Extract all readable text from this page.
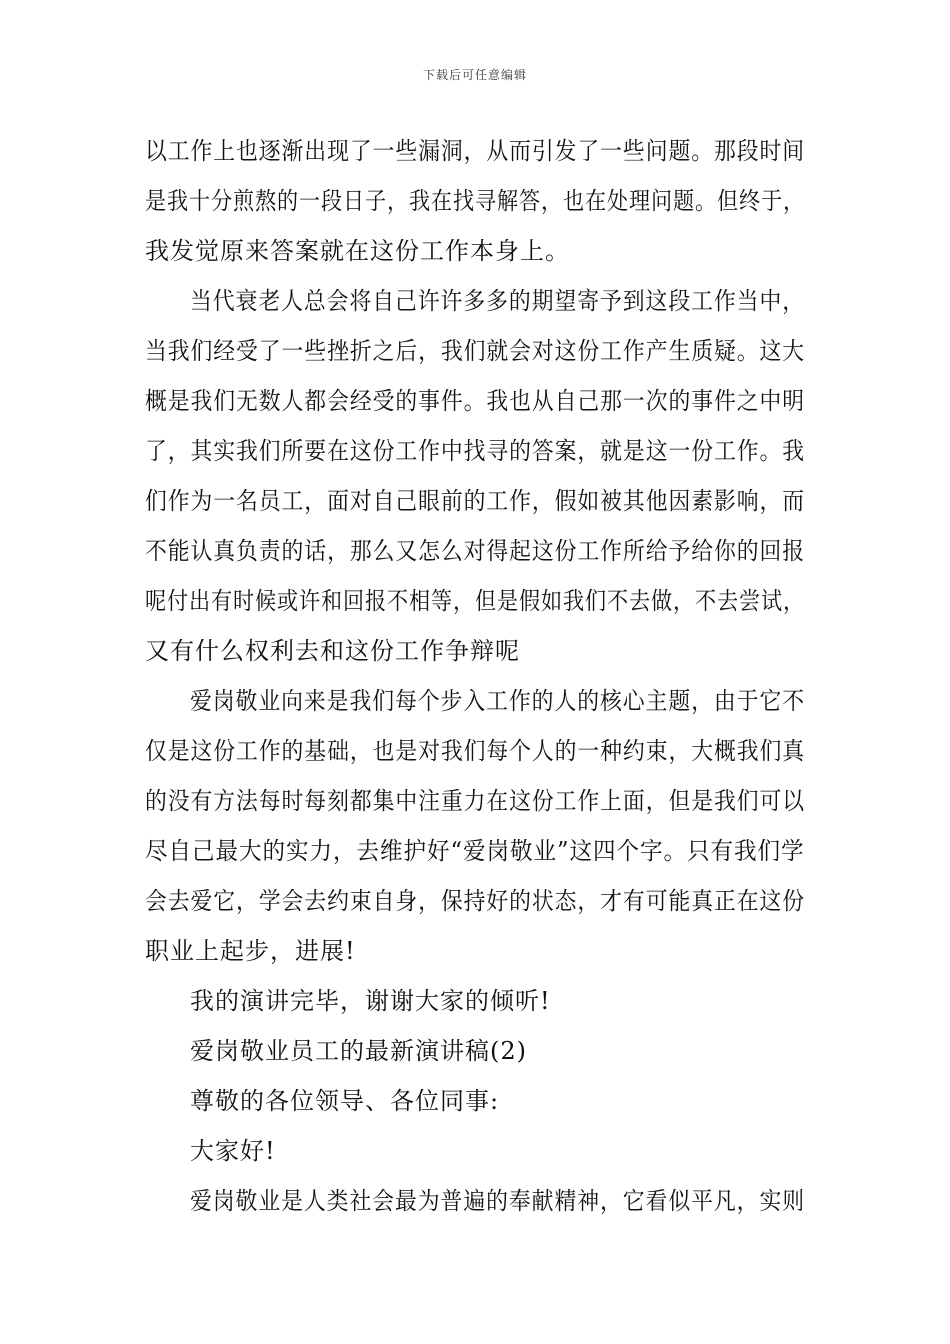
下载后可任意编辑
以工作上也逐渐出现了一些漏洞，从而引发了一些问题。那段时间
是我十分煎熬的一段日子，我在找寻解答，也在处理问题。但终于，
我发觉原来答案就在这份工作本身上。
当代衰老人总会将自己许许多多的期望寄予到这段工作当中，
当我们经受了一些挫折之后，我们就会对这份工作产生质疑。这大
概是我们无数人都会经受的事件。我也从自己那一次的事件之中明
了，其实我们所要在这份工作中找寻的答案，就是这一份工作。我
们作为一名员工，面对自己眼前的工作，假如被其他因素影响，而
不能认真负责的话，那么又怎么对得起这份工作所给予给你的回报
呢付出有时候或许和回报不相等，但是假如我们不去做，不去尝试，
又有什么权利去和这份工作争辩呢
爱岗敬业向来是我们每个步入工作的人的核心主题，由于它不
仅是这份工作的基础，也是对我们每个人的一种约束，大概我们真
的没有方法每时每刻都集中注重力在这份工作上面，但是我们可以
尽自己最大的实力，去维护好“爱岗敬业”这四个字。只有我们学
会去爱它，学会去约束自身，保持好的状态，才有可能真正在这份
职业上起步，进展!
我的演讲完毕，谢谢大家的倾听!
爱岗敬业员工的最新演讲稿(2)
尊敬的各位领导、各位同事:
大家好!
爱岗敬业是人类社会最为普遍的奉献精神，它看似平凡，实则
